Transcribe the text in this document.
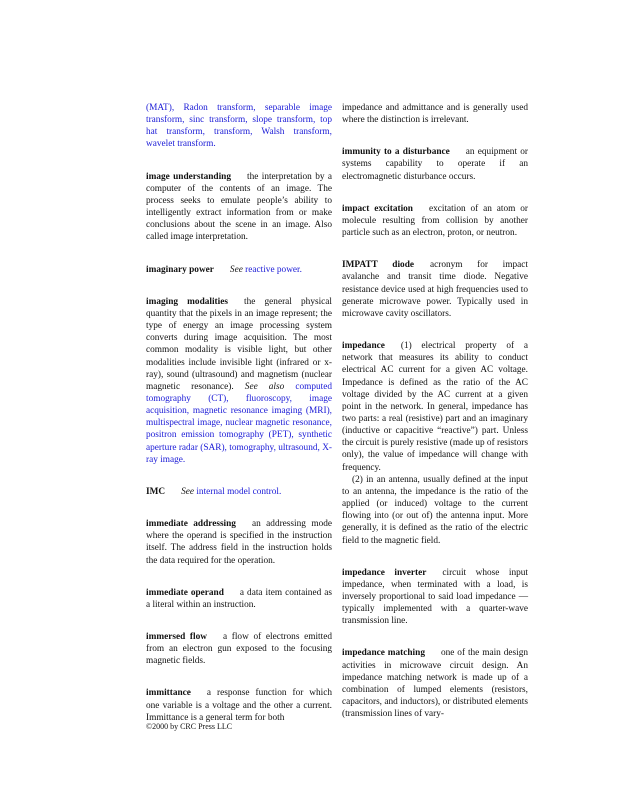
(MAT), Radon transform, separable image transform, sinc transform, slope transform, top hat transform, transform, Walsh transform, wavelet transform.

image understanding the interpretation by a computer of the contents of an image. The process seeks to emulate people’s ability to intelligently extract information from or make conclusions about the scene in an image. Also called image interpretation.

imaginary power See reactive power.

imaging modalities the general physical quantity that the pixels in an image represent; the type of energy an image processing system converts during image acquisition. The most common modality is visible light, but other modalities include invisible light (infrared or x-ray), sound (ultrasound) and magnetism (nuclear magnetic resonance). See also computed tomography (CT), fluoroscopy, image acquisition, magnetic resonance imaging (MRI), multispectral image, nuclear magnetic resonance, positron emission tomography (PET), synthetic aperture radar (SAR), tomography, ultrasound, X-ray image.

IMC See internal model control.

immediate addressing an addressing mode where the operand is specified in the instruction itself. The address field in the instruction holds the data required for the operation.

immediate operand a data item contained as a literal within an instruction.

immersed flow a flow of electrons emitted from an electron gun exposed to the focusing magnetic fields.

immittance a response function for which one variable is a voltage and the other a current. Immittance is a general term for both

impedance and admittance and is generally used where the distinction is irrelevant.

immunity to a disturbance an equipment or systems capability to operate if an electromagnetic disturbance occurs.

impact excitation excitation of an atom or molecule resulting from collision by another particle such as an electron, proton, or neutron.

IMPATT diode acronym for impact avalanche and transit time diode. Negative resistance device used at high frequencies used to generate microwave power. Typically used in microwave cavity oscillators.

impedance (1) electrical property of a network that measures its ability to conduct electrical AC current for a given AC voltage. Impedance is defined as the ratio of the AC voltage divided by the AC current at a given point in the network. In general, impedance has two parts: a real (resistive) part and an imaginary (inductive or capacitive “reactive”) part. Unless the circuit is purely resistive (made up of resistors only), the value of impedance will change with frequency.

(2) in an antenna, usually defined at the input to an antenna, the impedance is the ratio of the applied (or induced) voltage to the current flowing into (or out of) the antenna input. More generally, it is defined as the ratio of the electric field to the magnetic field.

impedance inverter circuit whose input impedance, when terminated with a load, is inversely proportional to said load impedance — typically implemented with a quarter-wave transmission line.

impedance matching one of the main design activities in microwave circuit design. An impedance matching network is made up of a combination of lumped elements (resistors, capacitors, and inductors), or distributed elements (transmission lines of vary-

©2000 by CRC Press LLC
